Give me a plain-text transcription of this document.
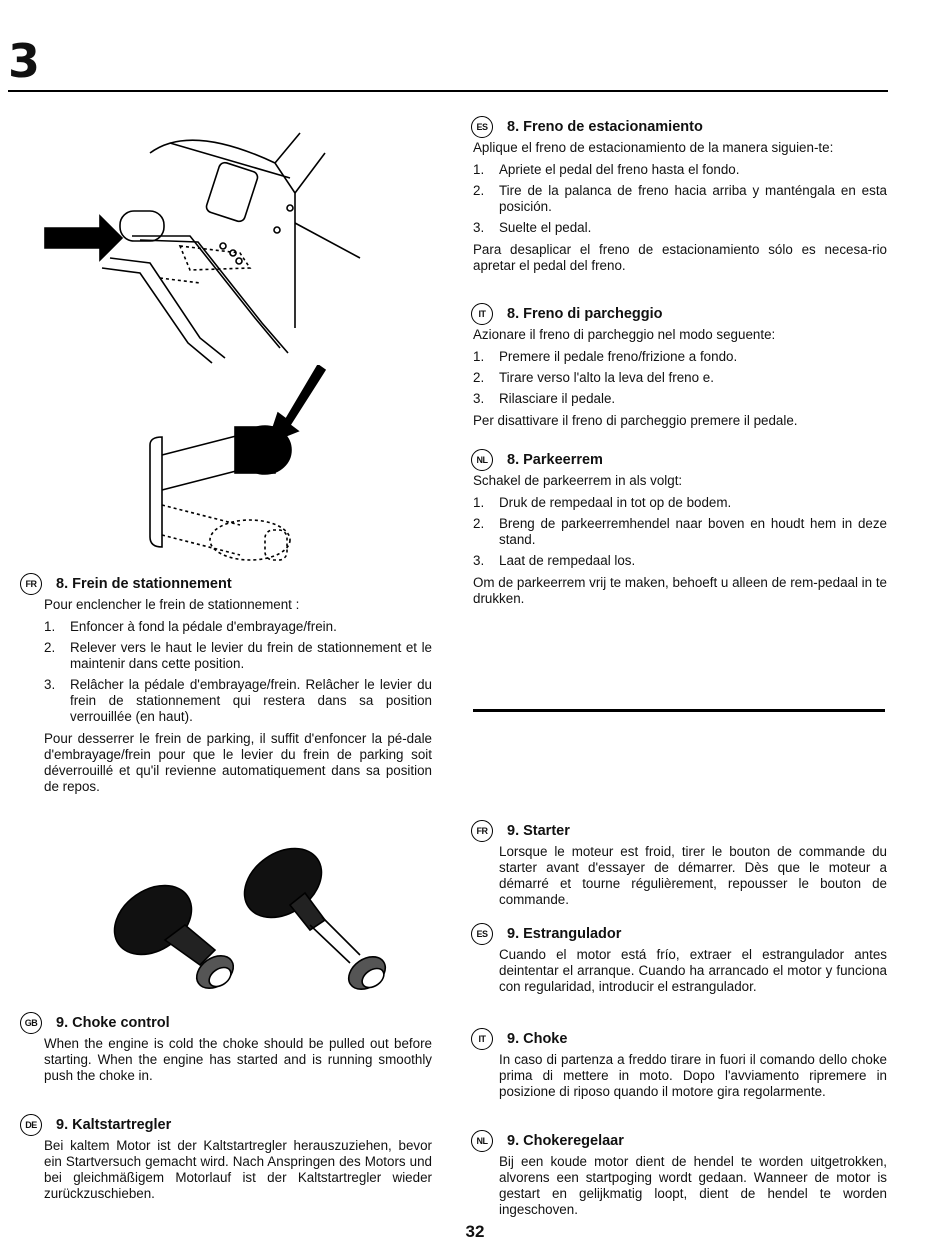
3
ES	8. Freno de estacionamiento

Aplique el freno de estacionamiento de la manera siguien-te:

1.	Apriete el pedal del freno hasta el fondo.
2.	Tire de la palanca de freno hacia arriba y manténgala en esta posición.
3.	Suelte el pedal.

Para desaplicar el freno de estacionamiento sólo es necesa-rio apretar el pedal del freno.

IT	8. Freno di parcheggio

Azionare il freno di parcheggio nel modo seguente:

1.	Premere il pedale freno/frizione a fondo.
2.	Tirare verso l'alto la leva del freno e.
3.	Rilasciare il pedale.

Per disattivare il freno di parcheggio premere il pedale.

NL	8. Parkeerrem

Schakel de parkeerrem in als volgt:

1.	Druk de rempedaal in tot op de bodem.
2.	Breng de parkeerremhendel naar boven en houdt hem in deze stand.
3.	Laat de rempedaal los.

Om de parkeerrem vrij te maken, behoeft u alleen de rem-pedaal in te drukken.

FR	8. Frein de stationnement

Pour enclencher le frein de stationnement :

1.	Enfoncer à fond la pédale d'embrayage/frein.
2.	Relever vers le haut le levier du frein de stationnement et le maintenir dans cette position.
3.	Relâcher la pédale d'embrayage/frein. Relâcher le levier du frein de stationnement qui restera dans sa position verrouillée (en haut).

Pour desserrer le frein de parking, il suffit d'enfoncer la pé-dale d'embrayage/frein pour que le levier du frein de parking soit déverrouillé et qu'il revienne automatiquement dans sa position de repos.

FR	9. Starter

Lorsque le moteur est froid, tirer le bouton de commande du starter avant d'essayer de démarrer. Dès que le moteur a démarré et tourne régulièrement, repousser le bouton de commande.

ES	9. Estrangulador

Cuando el motor está frío, extraer el estrangulador antes deintentar el arranque. Cuando ha arrancado el motor y funciona con regularidad, introducir el estrangulador.

GB	9. Choke control

When the engine is cold the choke should be pulled out before starting. When the engine has started and is running smoothly push the choke in.

IT	9. Choke

In caso di partenza a freddo tirare in fuori il comando dello choke prima di mettere in moto. Dopo l'avviamento ripremere in posizione di riposo quando il motore gira regolarmente.

DE	9. Kaltstartregler

Bei kaltem Motor ist der Kaltstartregler herauszuziehen, bevor ein Startversuch gemacht wird. Nach Anspringen des Motors und bei gleichmäßigem Motorlauf ist der Kaltstartregler wieder zurückzuschieben.

NL	9. Chokeregelaar

Bij een koude motor dient de hendel te worden uitgetrokken, alvorens een startpoging wordt gedaan. Wanneer de motor is gestart en gelijkmatig loopt, dient de hendel te worden ingeschoven.

32
